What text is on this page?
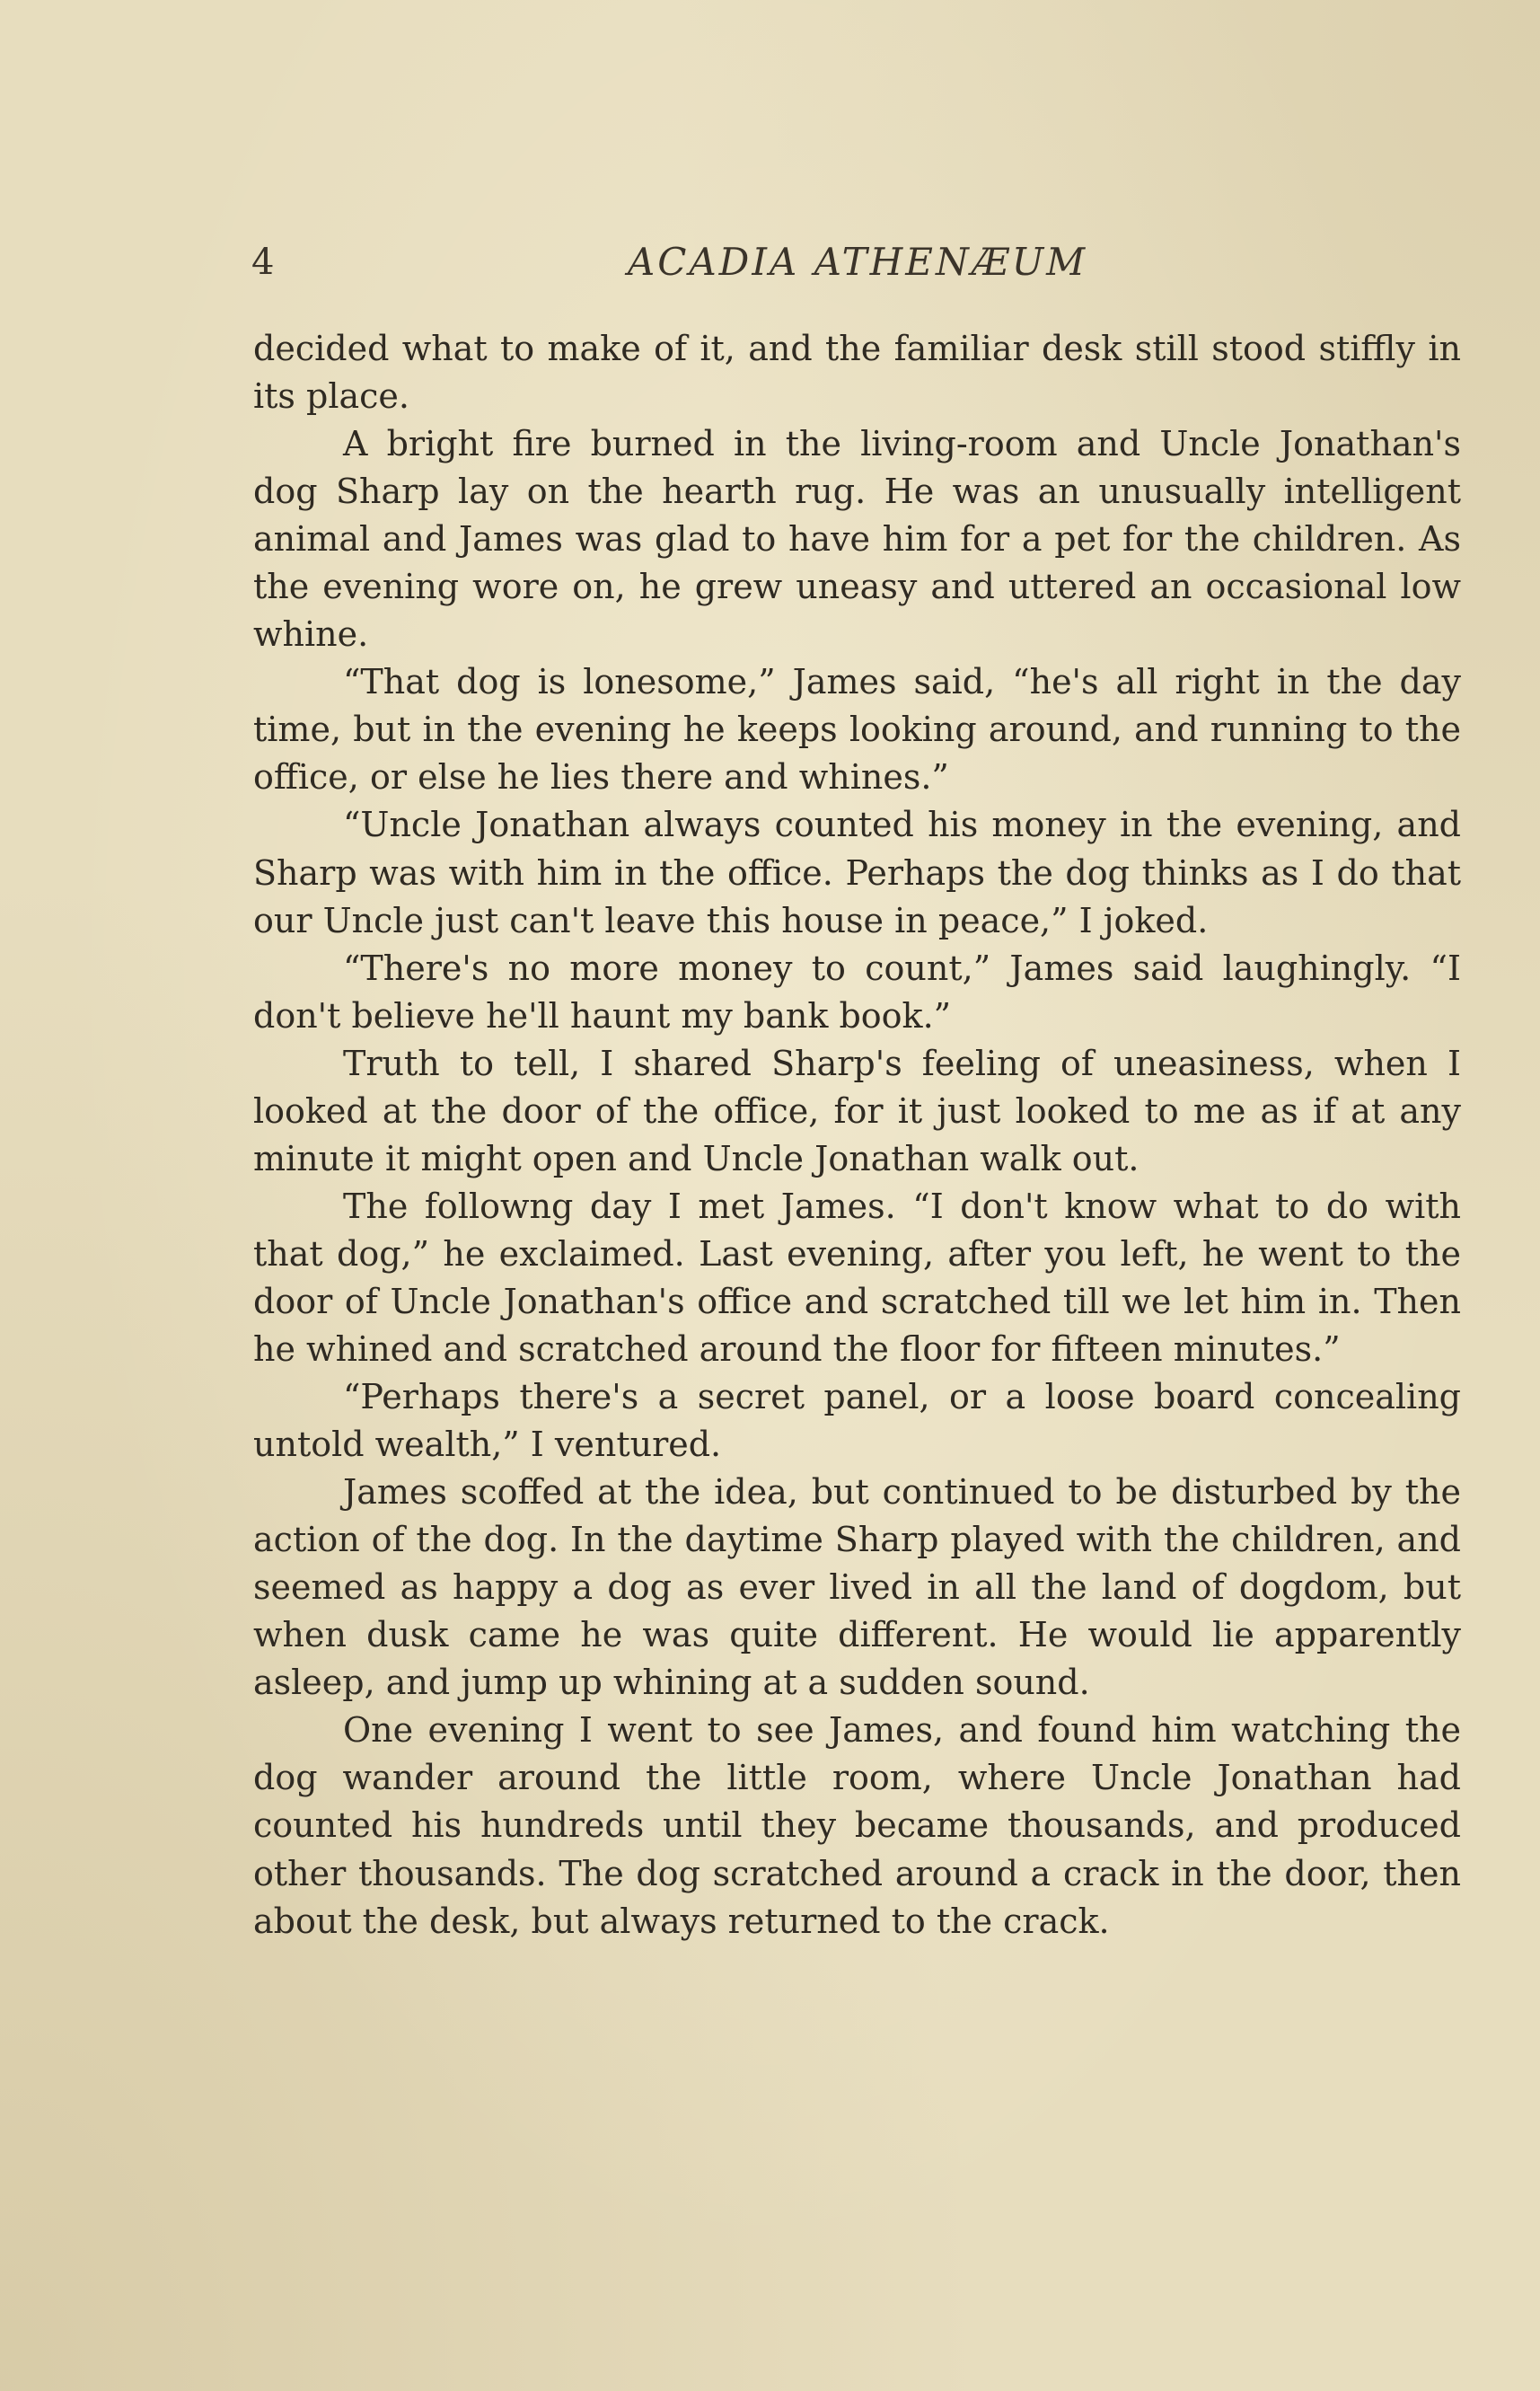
4	ACADIA ATHENÆUM

decided what to make of it, and the familiar desk still stood stiffly in its place.

A bright fire burned in the living-room and Uncle Jonathan's dog Sharp lay on the hearth rug. He was an unusually intelligent animal and James was glad to have him for a pet for the children. As the evening wore on, he grew uneasy and uttered an occasional low whine.

“That dog is lonesome,” James said, “he's all right in the day time, but in the evening he keeps looking around, and running to the office, or else he lies there and whines.”

“Uncle Jonathan always counted his money in the evening, and Sharp was with him in the office. Perhaps the dog thinks as I do that our Uncle just can't leave this house in peace,” I joked.

“There's no more money to count,” James said laughingly. “I don't believe he'll haunt my bank book.”

Truth to tell, I shared Sharp's feeling of uneasiness, when I looked at the door of the office, for it just looked to me as if at any minute it might open and Uncle Jonathan walk out.

The followng day I met James. “I don't know what to do with that dog,” he exclaimed. Last evening, after you left, he went to the door of Uncle Jonathan's office and scratched till we let him in. Then he whined and scratched around the floor for fifteen minutes.”

“Perhaps there's a secret panel, or a loose board concealing untold wealth,” I ventured.

James scoffed at the idea, but continued to be disturbed by the action of the dog. In the daytime Sharp played with the children, and seemed as happy a dog as ever lived in all the land of dogdom, but when dusk came he was quite different. He would lie apparently asleep, and jump up whining at a sudden sound.

One evening I went to see James, and found him watching the dog wander around the little room, where Uncle Jonathan had counted his hundreds until they became thousands, and produced other thousands. The dog scratched around a crack in the door, then about the desk, but always returned to the crack.
